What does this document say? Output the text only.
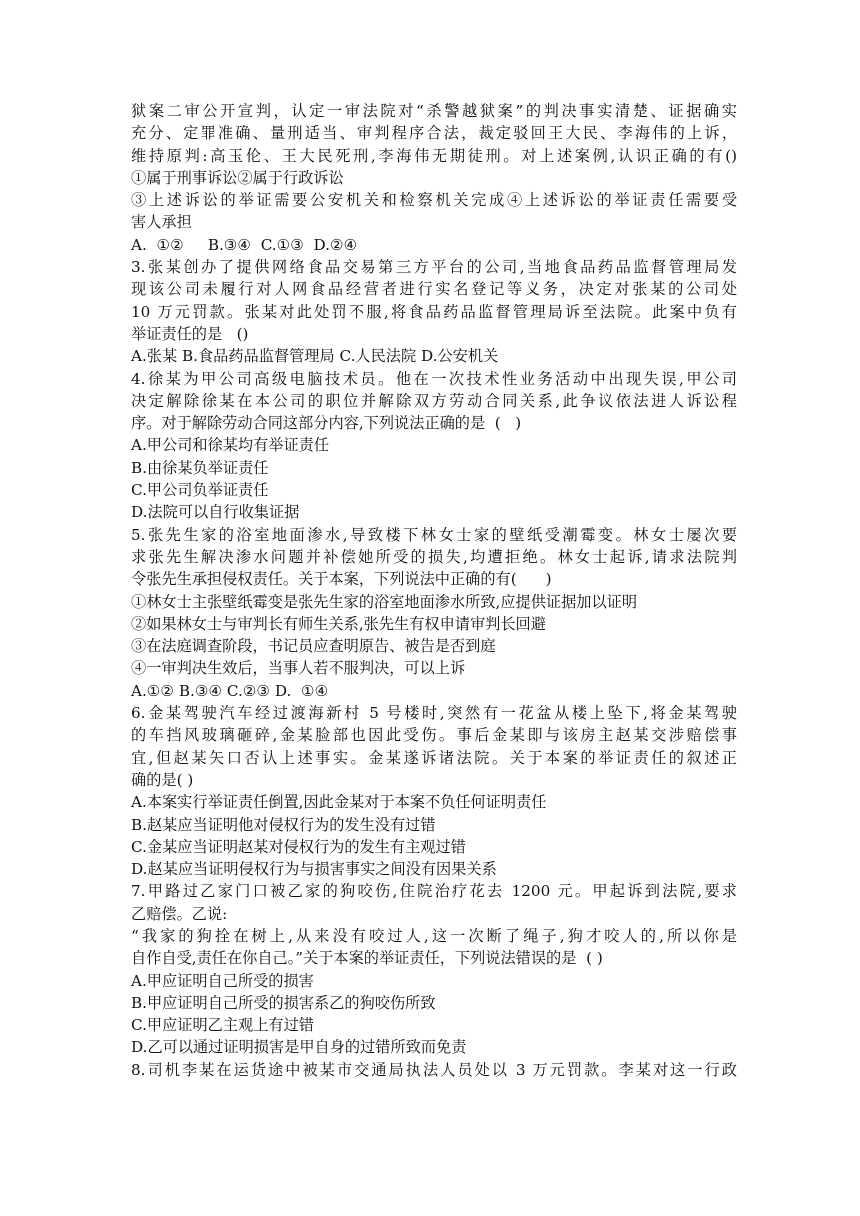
狱案二审公开宣判，认定一审法院对“杀警越狱案”的判决事实清楚、证据确实
充分、定罪准确、量刑适当、审判程序合法，裁定驳回王大民、李海伟的上诉，
维持原判:高玉伦、王大民死刑,李海伟无期徒刑。对上述案例,认识正确的有()
①属于刑事诉讼②属于行政诉讼
③上述诉讼的举证需要公安机关和检察机关完成④上述诉讼的举证责任需要受
害人承担
A.  ①②     B.③④  C.①③  D.②④
3.张某创办了提供网络食品交易第三方平台的公司,当地食品药品监督管理局发
现该公司未履行对人网食品经营者进行实名登记等义务，决定对张某的公司处
10 万元罚款。张某对此处罚不服,将食品药品监督管理局诉至法院。此案中负有
举证责任的是   ()
A.张某 B.食品药品监督管理局 C.人民法院 D.公安机关
4.徐某为甲公司高级电脑技术员。他在一次技术性业务活动中出现失误,甲公司
决定解除徐某在本公司的职位并解除双方劳动合同关系,此争议依法进人诉讼程
序。对于解除劳动合同这部分内容,下列说法正确的是  (   )
A.甲公司和徐某均有举证责任
B.由徐某负举证责任
C.甲公司负举证责任
D.法院可以自行收集证据
5.张先生家的浴室地面渗水,导致楼下林女士家的壁纸受潮霉变。林女士屡次要
求张先生解决渗水问题并补偿她所受的损失,均遭拒绝。林女士起诉,请求法院判
令张先生承担侵权责任。关于本案，下列说法中正确的有(      )
①林女士主张壁纸霉变是张先生家的浴室地面渗水所致,应提供证据加以证明
②如果林女士与审判长有师生关系,张先生有权申请审判长回避
③在法庭调查阶段，书记员应查明原告、被告是否到庭
④一审判决生效后，当事人若不服判决，可以上诉
A.①② B.③④ C.②③ D.  ①④
6.金某驾驶汽车经过渡海新村 5 号楼时,突然有一花盆从楼上坠下,将金某驾驶
的车挡风玻璃砸碎,金某脸部也因此受伤。事后金某即与该房主赵某交涉赔偿事
宜,但赵某矢口否认上述事实。金某遂诉诸法院。关于本案的举证责任的叙述正
确的是( )
A.本案实行举证责任倒置,因此金某对于本案不负任何证明责任
B.赵某应当证明他对侵权行为的发生没有过错
C.金某应当证明赵某对侵权行为的发生有主观过错
D.赵某应当证明侵权行为与损害事实之间没有因果关系
7.甲路过乙家门口被乙家的狗咬伤,住院治疗花去 1200 元。甲起诉到法院,要求
乙赔偿。乙说:
“我家的狗拴在树上,从来没有咬过人,这一次断了绳子,狗才咬人的,所以你是
自作自受,责任在你自己。”关于本案的举证责任，下列说法错误的是  ( )
A.甲应证明自己所受的损害
B.甲应证明自己所受的损害系乙的狗咬伤所致
C.甲应证明乙主观上有过错
D.乙可以通过证明损害是甲自身的过错所致而免责
8.司机李某在运货途中被某市交通局执法人员处以 3 万元罚款。李某对这一行政
